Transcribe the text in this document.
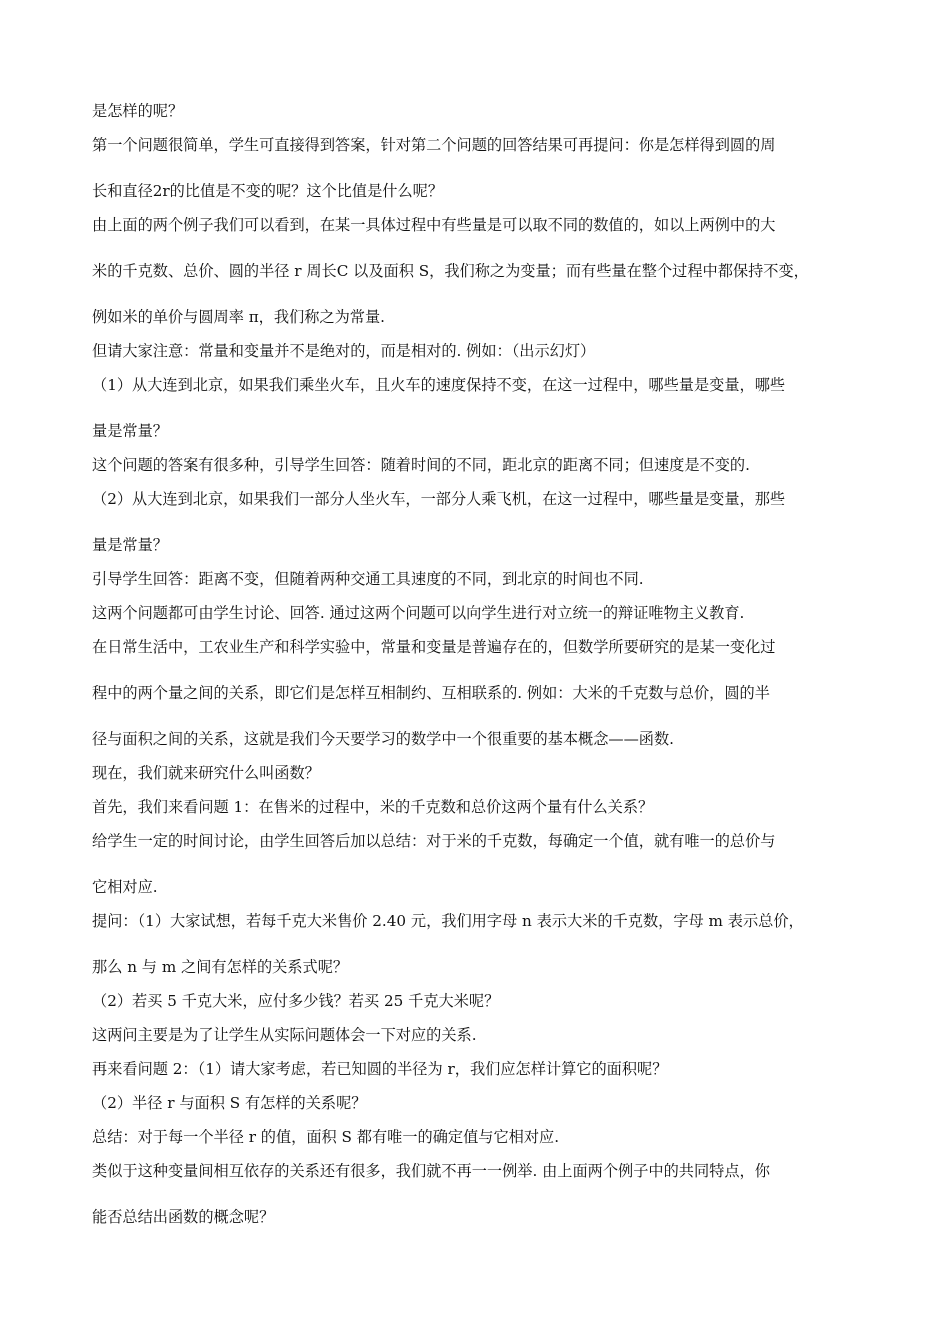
是怎样的呢？

第一个问题很简单，学生可直接得到答案，针对第二个问题的回答结果可再提问：你是怎样得到圆的周

长和直径2r的比值是不变的呢？这个比值是什么呢？

由上面的两个例子我们可以看到，在某一具体过程中有些量是可以取不同的数值的，如以上两例中的大

米的千克数、总价、圆的半径 r 周长C 以及面积 S，我们称之为变量；而有些量在整个过程中都保持不变，

例如米的单价与圆周率 π，我们称之为常量.

但请大家注意：常量和变量并不是绝对的，而是相对的. 例如：（出示幻灯）

（1）从大连到北京，如果我们乘坐火车，且火车的速度保持不变，在这一过程中，哪些量是变量，哪些

量是常量？

这个问题的答案有很多种，引导学生回答：随着时间的不同，距北京的距离不同；但速度是不变的.

（2）从大连到北京，如果我们一部分人坐火车，一部分人乘飞机，在这一过程中，哪些量是变量，那些

量是常量？

引导学生回答：距离不变，但随着两种交通工具速度的不同，到北京的时间也不同.

这两个问题都可由学生讨论、回答. 通过这两个问题可以向学生进行对立统一的辩证唯物主义教育.

在日常生活中，工农业生产和科学实验中，常量和变量是普遍存在的，但数学所要研究的是某一变化过

程中的两个量之间的关系，即它们是怎样互相制约、互相联系的. 例如：大米的千克数与总价，圆的半

径与面积之间的关系，这就是我们今天要学习的数学中一个很重要的基本概念——函数.

现在，我们就来研究什么叫函数？

首先，我们来看问题 1：在售米的过程中，米的千克数和总价这两个量有什么关系？

给学生一定的时间讨论，由学生回答后加以总结：对于米的千克数，每确定一个值，就有唯一的总价与

它相对应.

提问：（1）大家试想，若每千克大米售价 2.40 元，我们用字母 n 表示大米的千克数，字母 m 表示总价，

那么 n 与 m 之间有怎样的关系式呢？

（2）若买 5 千克大米，应付多少钱？若买 25 千克大米呢？

这两问主要是为了让学生从实际问题体会一下对应的关系.

再来看问题 2：（1）请大家考虑，若已知圆的半径为 r，我们应怎样计算它的面积呢？

（2）半径 r 与面积 S 有怎样的关系呢？

总结：对于每一个半径 r 的值，面积 S 都有唯一的确定值与它相对应.

类似于这种变量间相互依存的关系还有很多，我们就不再一一例举. 由上面两个例子中的共同特点，你

能否总结出函数的概念呢？
